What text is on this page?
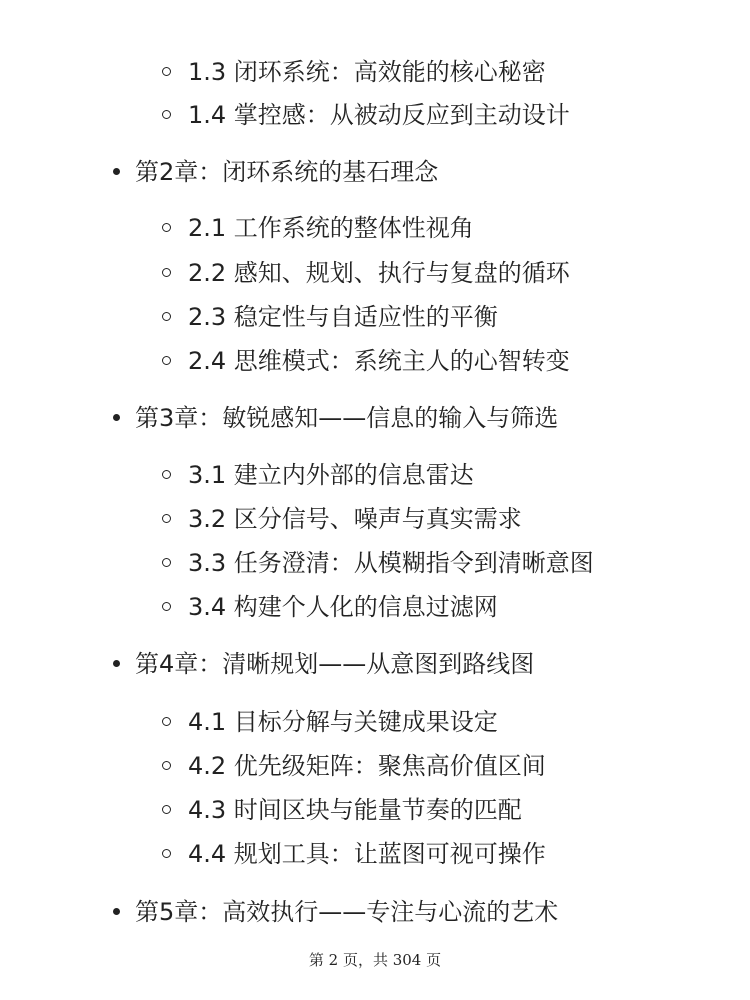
1.3 闭环系统：高效能的核心秘密
1.4 掌控感：从被动反应到主动设计
第2章：闭环系统的基石理念
2.1 工作系统的整体性视角
2.2 感知、规划、执行与复盘的循环
2.3 稳定性与自适应性的平衡
2.4 思维模式：系统主人的心智转变
第3章：敏锐感知——信息的输入与筛选
3.1 建立内外部的信息雷达
3.2 区分信号、噪声与真实需求
3.3 任务澄清：从模糊指令到清晰意图
3.4 构建个人化的信息过滤网
第4章：清晰规划——从意图到路线图
4.1 目标分解与关键成果设定
4.2 优先级矩阵：聚焦高价值区间
4.3 时间区块与能量节奏的匹配
4.4 规划工具：让蓝图可视可操作
第5章：高效执行——专注与心流的艺术
第 2 页，共 304 页
